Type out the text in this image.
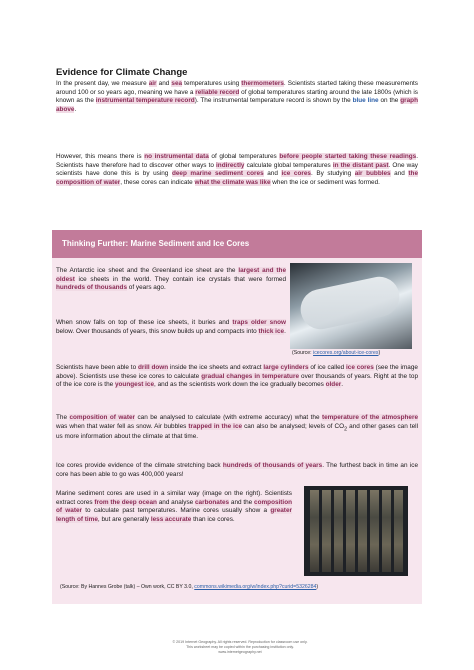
Evidence for Climate Change
In the present day, we measure air and sea temperatures using thermometers. Scientists started taking these measurements around 100 or so years ago, meaning we have a reliable record of global temperatures starting around the late 1800s (which is known as the instrumental temperature record). The instrumental temperature record is shown by the blue line on the graph above.
However, this means there is no instrumental data of global temperatures before people started taking these readings. Scientists have therefore had to discover other ways to indirectly calculate global temperatures in the distant past. One way scientists have done this is by using deep marine sediment cores and ice cores. By studying air bubbles and the composition of water, these cores can indicate what the climate was like when the ice or sediment was formed.
Thinking Further: Marine Sediment and Ice Cores
The Antarctic ice sheet and the Greenland ice sheet are the largest and the oldest ice sheets in the world. They contain ice crystals that were formed hundreds of thousands of years ago.
When snow falls on top of these ice sheets, it buries and traps older snow below. Over thousands of years, this snow builds up and compacts into thick ice.
(Source: icecores.org/about-ice-cores)
Scientists have been able to drill down inside the ice sheets and extract large cylinders of ice called ice cores (see the image above). Scientists use these ice cores to calculate gradual changes in temperature over thousands of years. Right at the top of the ice core is the youngest ice, and as the scientists work down the ice gradually becomes older.
The composition of water can be analysed to calculate (with extreme accuracy) what the temperature of the atmosphere was when that water fell as snow. Air bubbles trapped in the ice can also be analysed; levels of $CO_2$ and other gases can tell us more information about the climate at that time.
Ice cores provide evidence of the climate stretching back hundreds of thousands of years. The furthest back in time an ice core has been able to go was 400,000 years!
Marine sediment cores are used in a similar way (image on the right). Scientists extract cores from the deep ocean and analyse carbonates and the composition of water to calculate past temperatures. Marine cores usually show a greater length of time, but are generally less accurate than ice cores.
(Source: By Hannes Grobe (talk) – Own work, CC BY 3.0, commons.wikimedia.org/w/index.php?curid=5326284)
© 2019 Internet Geography. All rights reserved. Reproduction for classroom use only.
This worksheet may be copied within the purchasing institution only.
www.internetgeography.net
